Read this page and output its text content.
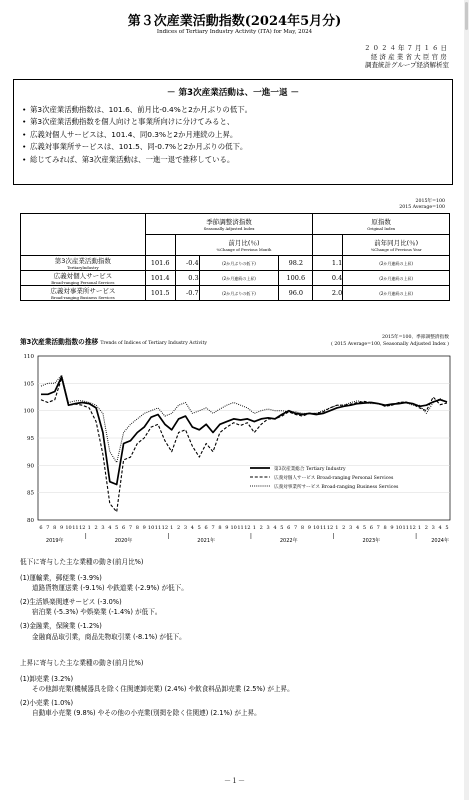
第３次産業活動指数(2024年5月分)
Indices of Tertiary Industry Activity (ITA) for May, 2024
２０２４年７月１６日
経済産業省大臣官房
調査統計グループ経済解析室
－ 第3次産業活動は、一進一退 －
• 第3次産業活動指数は、101.6、前月比-0.4%と2か月ぶりの低下。
• 第3次産業活動指数を個人向けと事業所向けに分けてみると、
• 広義対個人サービスは、101.4、同0.3%と2か月連続の上昇。
• 広義対事業所サービスは、101.5、同-0.7%と2か月ぶりの低下。
• 総じてみれば、第3次産業活動は、一進一退で推移している。
2015年=100
2015 Average=100
	季節調整済指数
Seasonally Adjusted Index				原指数
Original Index	

		前月比(％)
%Change of Previous Month				前年同月比(％)
%Change of Previous Year

第3次産業活動指数
TertiaryIndustry	101.6	-0.4	(2か月ぶりの低下)	98.2	1.1	(2か月連続の上昇)
広義対個人サービス
Broad-ranging Personal Services	101.4	0.3	(2か月連続の上昇)	100.6	0.4	(2か月連続の上昇)
広義対事業所サービス
Broad-ranging Business Services	101.5	-0.7	(2か月ぶりの低下)	96.0	2.0	(2か月連続の上昇)
第3次産業活動指数の推移 Trends of Indices of Tertiary Industry Activity
2015年=100、季節調整済指数
( 2015 Average=100, Seasonally Adjusted Index )
80
85
90
95
100
105
110
6 7 8 9 10 11 12 1 2 3 4 5 6 7 8 9 10 11 12 1 2 3 4 5 6 7 8 9 10 11 12 1 2 3 4 5 6 7 8 9 10 11 12 1 2 3 4 5 6 7 8 9 10 11 12 1 2 3 4 5
2019年	2020年	2021年	2022年	2023年	2024年
第3次産業総合 Tertiary Industry
広義対個人サービス Broad-ranging Personal Services
広義対事業所サービス Broad-ranging Business Services
低下に寄与した主な業種の動き(前月比%)
(1)運輸業，郵便業 (-3.9%)
道路貨物運送業 (-9.1%) や鉄道業 (-2.9%) が低下。
(2)生活娯楽関連サービス (-3.0%)
宿泊業 (-5.3%) や娯楽業 (-1.4%) が低下。
(3)金融業，保険業 (-1.2%)
金融商品取引業，商品先物取引業 (-8.1%) が低下。
上昇に寄与した主な業種の動き(前月比%)
(1)卸売業 (3.2%)
その他卸売業(機械器具を除く住関連卸売業) (2.4%) や飲食料品卸売業 (2.5%) が上昇。
(2)小売業 (1.0%)
自動車小売業 (9.8%) やその他の小売業(別掲を除く住関連) (2.1%) が上昇。
－１－
